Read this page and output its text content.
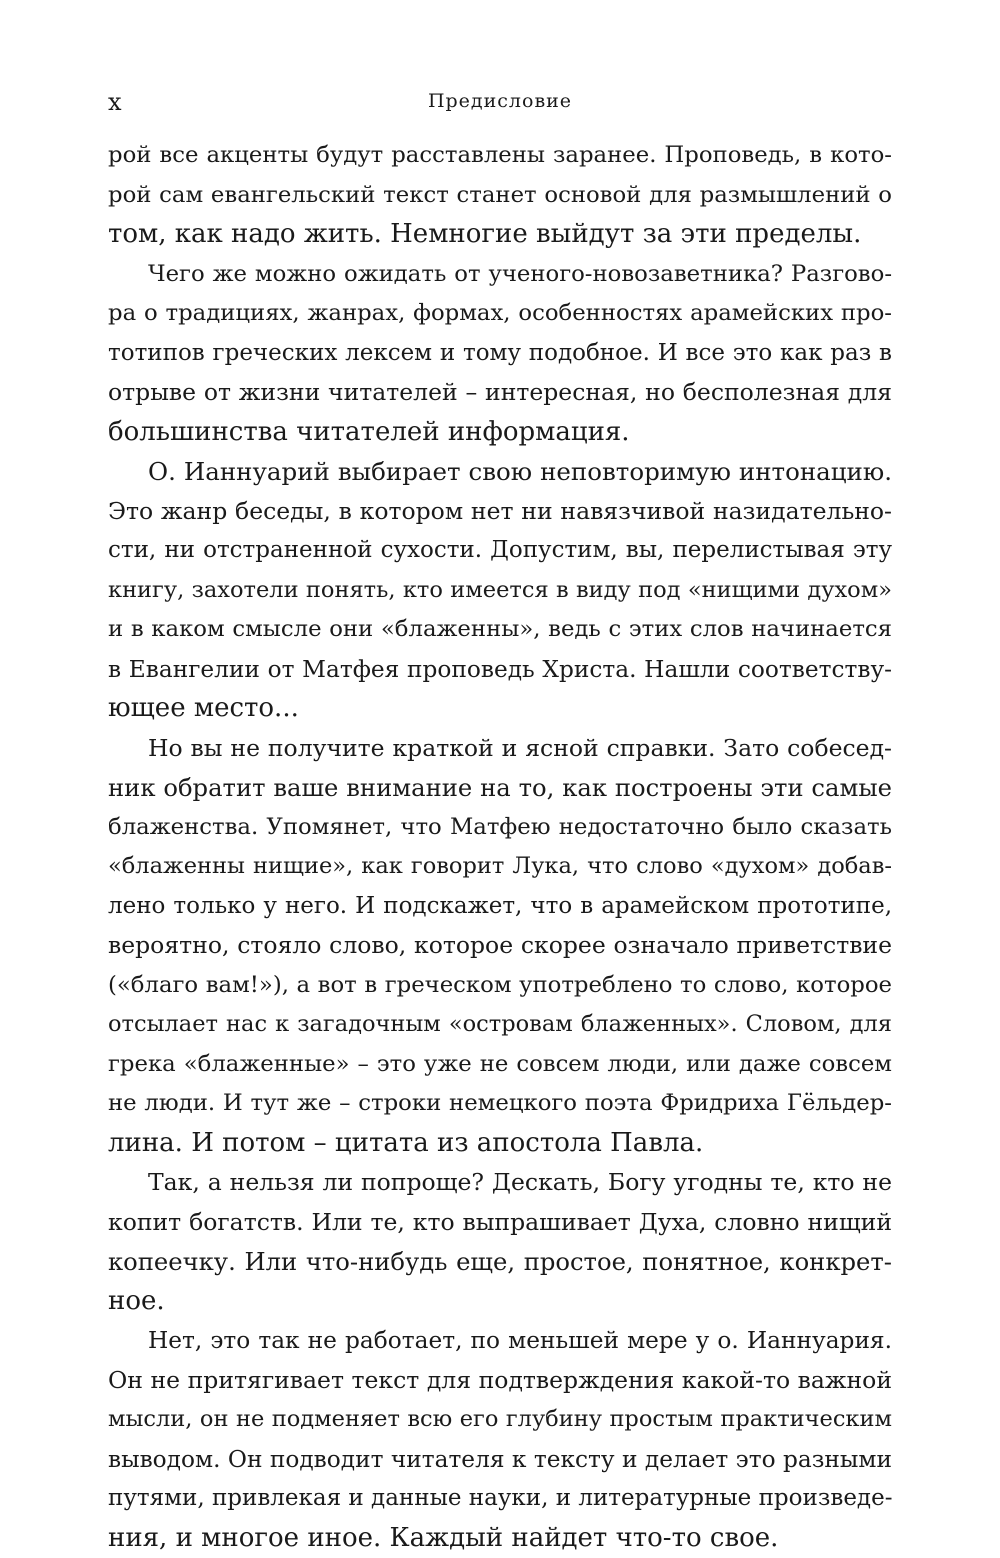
x	Предисловие
рой все акценты будут расставлены заранее. Проповедь, в кото-
рой сам евангельский текст станет основой для размышлений о
том, как надо жить. Немногие выйдут за эти пределы.
Чего же можно ожидать от ученого-новозаветника? Разгово-
ра о традициях, жанрах, формах, особенностях арамейских про-
тотипов греческих лексем и тому подобное. И все это как раз в
отрыве от жизни читателей – интересная, но бесполезная для
большинства читателей информация.
О. Ианнуарий выбирает свою неповторимую интонацию.
Это жанр беседы, в котором нет ни навязчивой назидательно-
сти, ни отстраненной сухости. Допустим, вы, перелистывая эту
книгу, захотели понять, кто имеется в виду под «нищими духом»
и в каком смысле они «блаженны», ведь с этих слов начинается
в Евангелии от Матфея проповедь Христа. Нашли соответству-
ющее место...
Но вы не получите краткой и ясной справки. Зато собесед-
ник обратит ваше внимание на то, как построены эти самые
блаженства. Упомянет, что Матфею недостаточно было сказать
«блаженны нищие», как говорит Лука, что слово «духом» добав-
лено только у него. И подскажет, что в арамейском прототипе,
вероятно, стояло слово, которое скорее означало приветствие
(«благо вам!»), а вот в греческом употреблено то слово, которое
отсылает нас к загадочным «островам блаженных». Словом, для
грека «блаженные» – это уже не совсем люди, или даже совсем
не люди. И тут же – строки немецкого поэта Фридриха Гёльдер-
лина. И потом – цитата из апостола Павла.
Так, а нельзя ли попроще? Дескать, Богу угодны те, кто не
копит богатств. Или те, кто выпрашивает Духа, словно нищий
копеечку. Или что-нибудь еще, простое, понятное, конкрет-
ное.
Нет, это так не работает, по меньшей мере у о. Ианнуария.
Он не притягивает текст для подтверждения какой-то важной
мысли, он не подменяет всю его глубину простым практическим
выводом. Он подводит читателя к тексту и делает это разными
путями, привлекая и данные науки, и литературные произведе-
ния, и многое иное. Каждый найдет что-то свое.
